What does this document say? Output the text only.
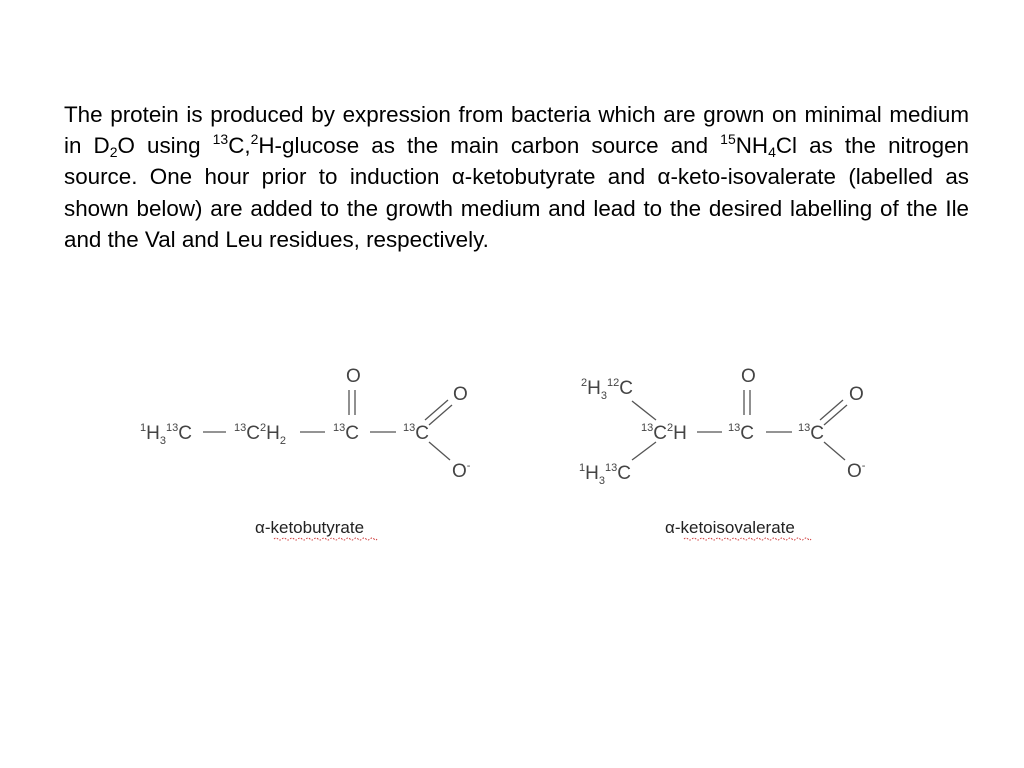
The protein is produced by expression from bacteria which are grown on minimal medium in $D_2O$ using $^{13}$C,$^2$H-glucose as the main carbon source and $^{15}NH_4Cl$ as the nitrogen source. One hour prior to induction α-ketobutyrate and α-keto-isovalerate (labelled as shown below) are added to the growth medium and lead to the desired labelling of the Ile and the Val and Leu residues, respectively.

$^1H_3^{13}C$	$^{13}C^2H_2$
$^{13}$C
O
$^{13}$C
O
O-
α-ketobutyrate
$^2H_3^{12}C$
$^1H_3^{13}C$
$^{13}C^2H$	$^{13}$C
O
$^{13}$C
O
O-
α-ketoisovalerate
